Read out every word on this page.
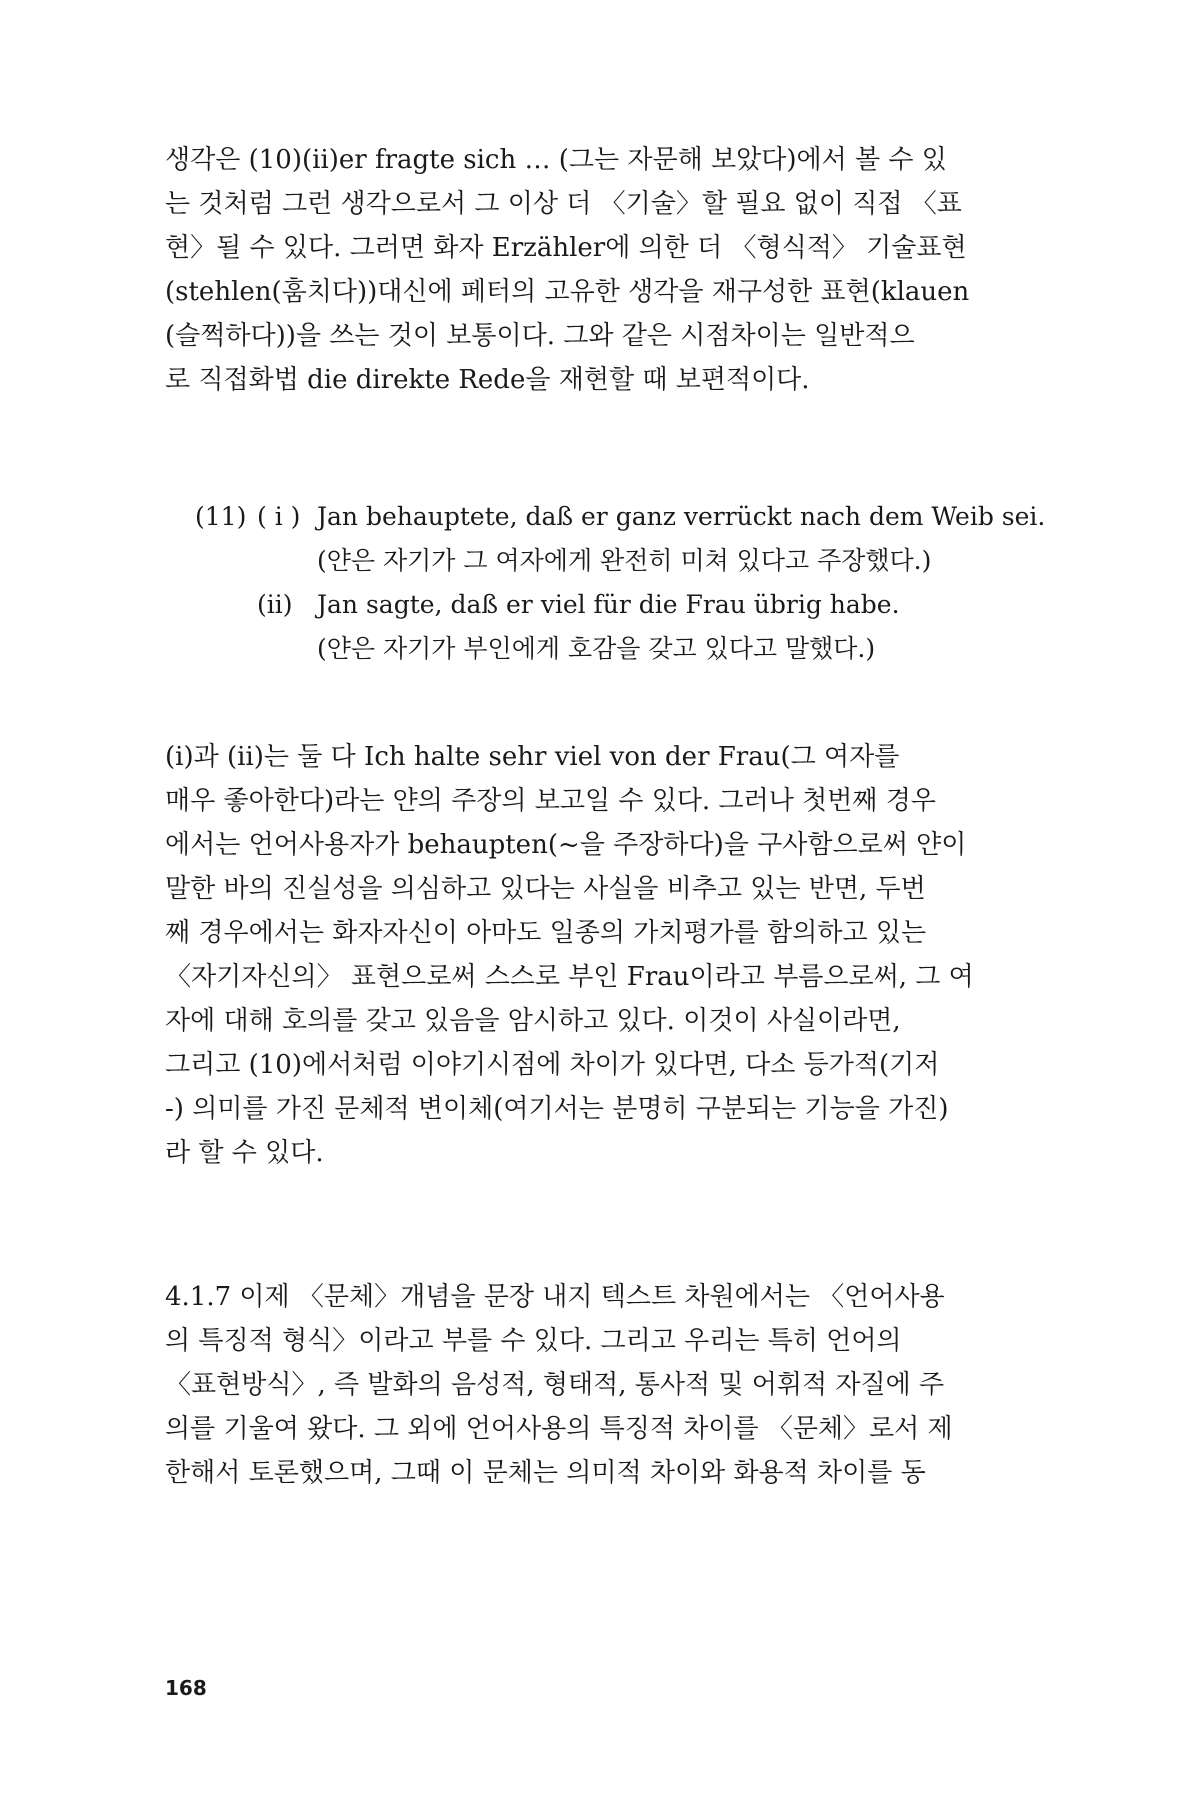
생각은 (10)(ⅱ)er fragte sich … (그는 자문해 보았다)에서 볼 수 있
는 것처럼 그런 생각으로서 그 이상 더 〈기술〉할 필요 없이 직접 〈표
현〉될 수 있다. 그러면 화자 Erzähler에 의한 더 〈형식적〉 기술표현
(stehlen(훔치다))대신에 페터의 고유한 생각을 재구성한 표현(klauen
(슬쩍하다))을 쓰는 것이 보통이다. 그와 같은 시점차이는 일반적으
로 직접화법 die direkte Rede을 재현할 때 보편적이다.
(11) ( ⅰ ) Jan behauptete, daß er ganz verrückt nach dem Weib sei.
(얀은 자기가 그 여자에게 완전히 미쳐 있다고 주장했다.)
(ⅱ) Jan sagte, daß er viel für die Frau übrig habe.
(얀은 자기가 부인에게 호감을 갖고 있다고 말했다.)
(ⅰ)과 (ⅱ)는 둘 다 Ich halte sehr viel von der Frau(그 여자를
매우 좋아한다)라는 얀의 주장의 보고일 수 있다. 그러나 첫번째 경우
에서는 언어사용자가 behaupten(~을 주장하다)을 구사함으로써 얀이
말한 바의 진실성을 의심하고 있다는 사실을 비추고 있는 반면, 두번
째 경우에서는 화자자신이 아마도 일종의 가치평가를 함의하고 있는
〈자기자신의〉 표현으로써 스스로 부인 Frau이라고 부름으로써, 그 여
자에 대해 호의를 갖고 있음을 암시하고 있다. 이것이 사실이라면,
그리고 (10)에서처럼 이야기시점에 차이가 있다면, 다소 등가적(기저
-) 의미를 가진 문체적 변이체(여기서는 분명히 구분되는 기능을 가진)
라 할 수 있다.
4.1.7 이제 〈문체〉개념을 문장 내지 텍스트 차원에서는 〈언어사용
의 특징적 형식〉이라고 부를 수 있다. 그리고 우리는 특히 언어의
〈표현방식〉, 즉 발화의 음성적, 형태적, 통사적 및 어휘적 자질에 주
의를 기울여 왔다. 그 외에 언어사용의 특징적 차이를 〈문체〉로서 제
한해서 토론했으며, 그때 이 문체는 의미적 차이와 화용적 차이를 동
168
